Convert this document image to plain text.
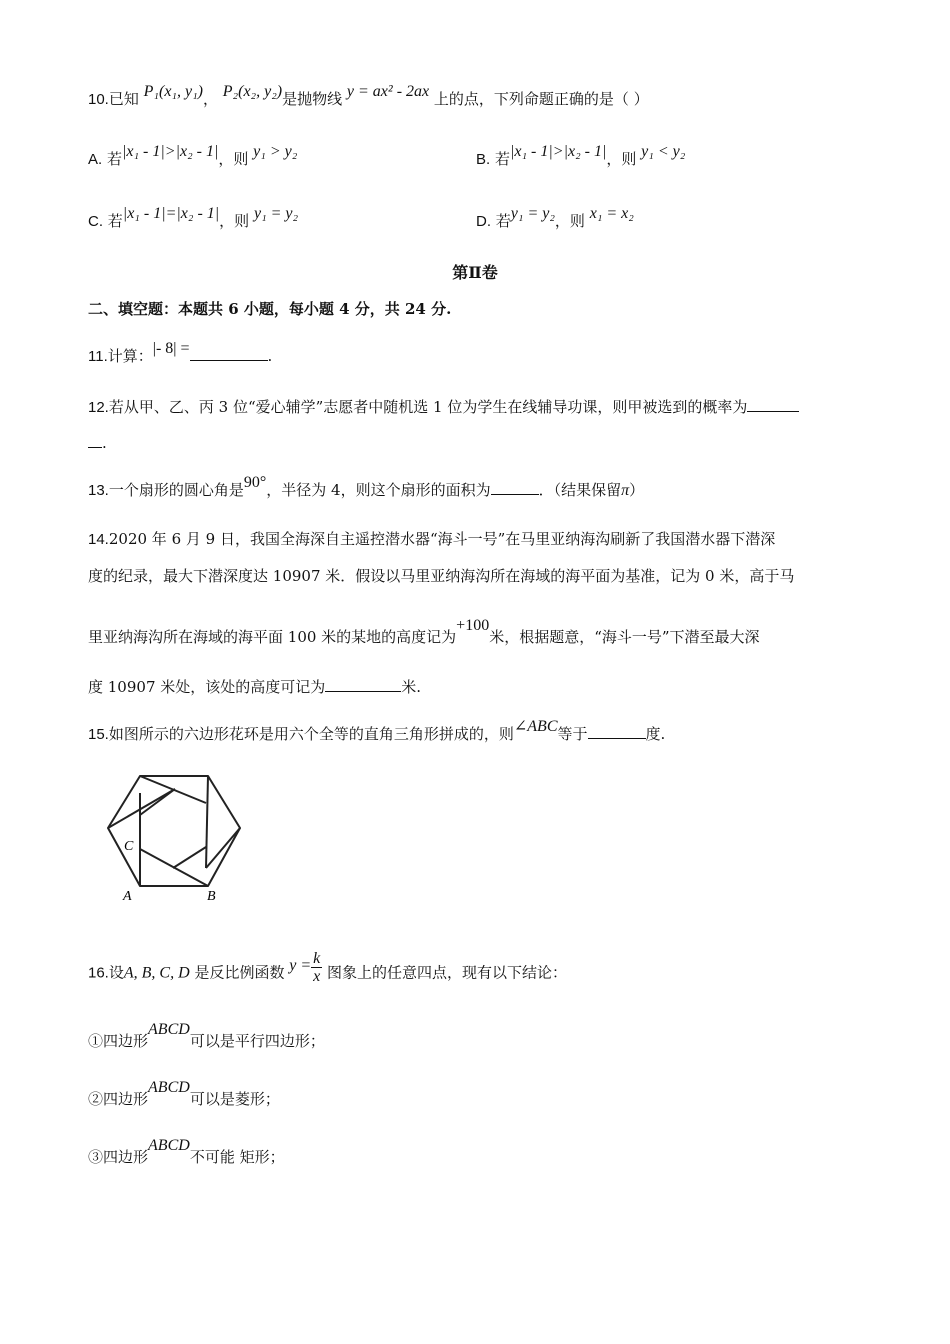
10.已知 P₁(x₁, y₁)， P₂(x₂, y₂)是抛物线 y = ax² - 2ax 上的点，下列命题正确的是（ ）
A. 若|x₁ - 1|>|x₂ - 1|，则 y₁ > y₂	B. 若|x₁ - 1|>|x₂ - 1|，则 y₁ < y₂
C. 若|x₁ - 1|=|x₂ - 1|，则 y₁ = y₂	D. 若y₁ = y₂，则 x₁ = x₂
第Ⅱ卷
二、填空题：本题共 6 小题，每小题 4 分，共 24 分.
11.计算：|- 8| =	.
12.若从甲、乙、丙 3 位“爱心辅学”志愿者中随机选 1 位为学生在线辅导功课，则甲被选到的概率为
.
13.一个扇形的圆心角是90°，半径为 4，则这个扇形的面积为	．（结果保留π）
14.2020 年 6 月 9 日，我国全海深自主遥控潜水器“海斗一号”在马里亚纳海沟刷新了我国潜水器下潜深
度的纪录，最大下潜深度达 10907 米．假设以马里亚纳海沟所在海域的海平面为基准，记为 0 米，高于马
里亚纳海沟所在海域的海平面 100 米的某地的高度记为+100米，根据题意，“海斗一号”下潜至最大深
度 10907 米处，该处的高度可记为	米.
15.如图所示的六边形花环是用六个全等的直角三角形拼成的，则∠ABC等于	度.
C
A	B
16.设A, B, C, D 是反比例函数 $y = \frac{k}{x}$ 图象上的任意四点，现有以下结论：
①四边形ABCD可以是平行四边形；
②四边形ABCD可以是菱形；
③四边形ABCD不可能 矩形；
